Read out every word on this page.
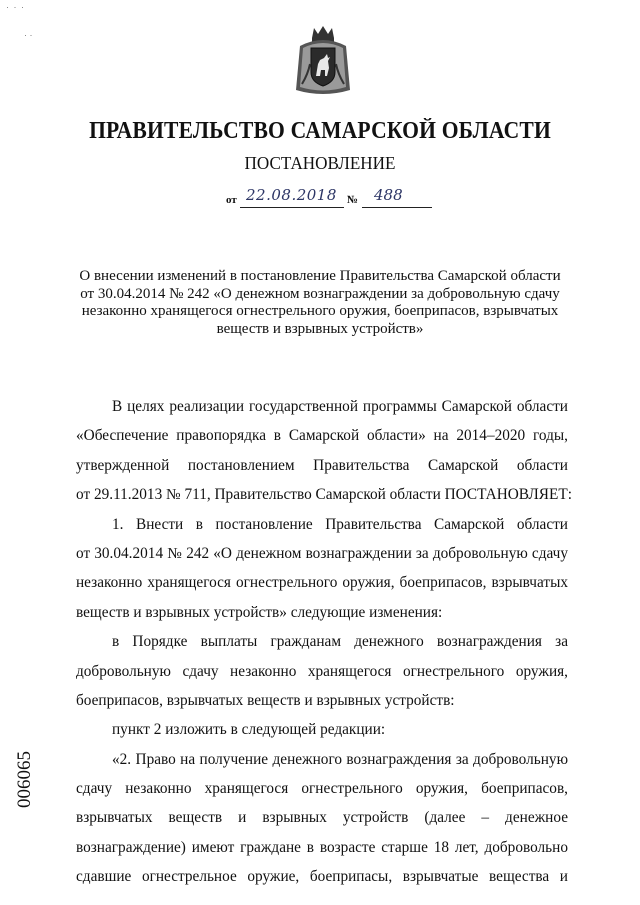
· · ·
· ·
ПРАВИТЕЛЬСТВО САМАРСКОЙ ОБЛАСТИ
ПОСТАНОВЛЕНИЕ
от 22.08.2018 № 488
О внесении изменений в постановление Правительства Самарской области
от 30.04.2014 № 242 «О денежном вознаграждении за добровольную сдачу
незаконно хранящегося огнестрельного оружия, боеприпасов, взрывчатых
веществ и взрывных устройств»
В целях реализации государственной программы Самарской области
«Обеспечение правопорядка в Самарской области» на 2014–2020 годы,
утвержденной постановлением Правительства Самарской области
от 29.11.2013 № 711, Правительство Самарской области ПОСТАНОВЛЯЕТ:
1. Внести в постановление Правительства Самарской области
от 30.04.2014 № 242 «О денежном вознаграждении за добровольную сдачу
незаконно хранящегося огнестрельного оружия, боеприпасов, взрывчатых
веществ и взрывных устройств» следующие изменения:
в Порядке выплаты гражданам денежного вознаграждения за
добровольную сдачу незаконно хранящегося огнестрельного оружия,
боеприпасов, взрывчатых веществ и взрывных устройств:
пункт 2 изложить в следующей редакции:
«2. Право на получение денежного вознаграждения за добровольную
сдачу незаконно хранящегося огнестрельного оружия, боеприпасов,
взрывчатых веществ и взрывных устройств (далее – денежное
вознаграждение) имеют граждане в возрасте старше 18 лет, добровольно
сдавшие огнестрельное оружие, боеприпасы, взрывчатые вещества и
006065
